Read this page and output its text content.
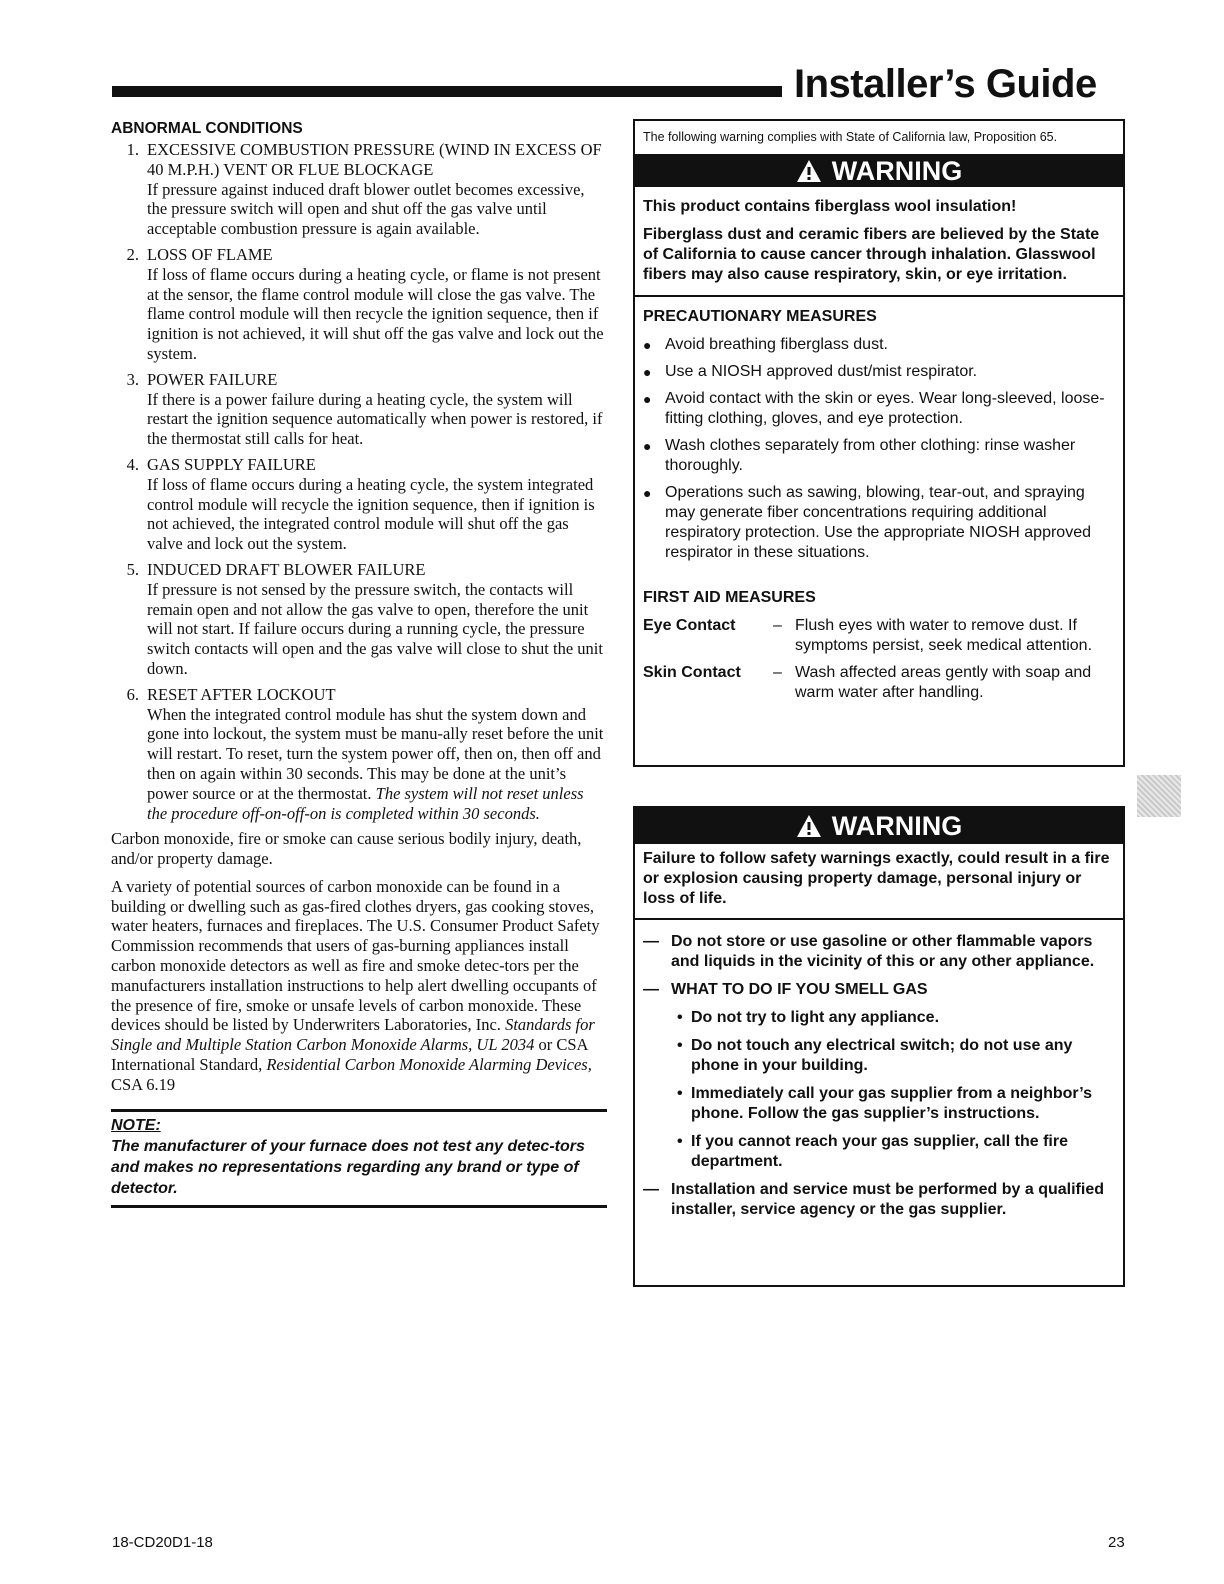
Installer’s Guide
ABNORMAL CONDITIONS
1. EXCESSIVE COMBUSTION PRESSURE (WIND IN EXCESS OF 40 M.P.H.) VENT OR FLUE BLOCKAGE
If pressure against induced draft blower outlet becomes excessive, the pressure switch will open and shut off the gas valve until acceptable combustion pressure is again available.
2. LOSS OF FLAME
If loss of flame occurs during a heating cycle, or flame is not present at the sensor, the flame control module will close the gas valve. The flame control module will then recycle the ignition sequence, then if ignition is not achieved, it will shut off the gas valve and lock out the system.
3. POWER FAILURE
If there is a power failure during a heating cycle, the system will restart the ignition sequence automatically when power is restored, if the thermostat still calls for heat.
4. GAS SUPPLY FAILURE
If loss of flame occurs during a heating cycle, the system integrated control module will recycle the ignition sequence, then if ignition is not achieved, the integrated control module will shut off the gas valve and lock out the system.
5. INDUCED DRAFT BLOWER FAILURE
If pressure is not sensed by the pressure switch, the contacts will remain open and not allow the gas valve to open, therefore the unit will not start. If failure occurs during a running cycle, the pressure switch contacts will open and the gas valve will close to shut the unit down.
6. RESET AFTER LOCKOUT
When the integrated control module has shut the system down and gone into lockout, the system must be manu-ally reset before the unit will restart. To reset, turn the system power off, then on, then off and then on again within 30 seconds. This may be done at the unit’s power source or at the thermostat. The system will not reset unless the procedure off-on-off-on is completed within 30 seconds.
Carbon monoxide, fire or smoke can cause serious bodily injury, death, and/or property damage.
A variety of potential sources of carbon monoxide can be found in a building or dwelling such as gas-fired clothes dryers, gas cooking stoves, water heaters, furnaces and fireplaces. The U.S. Consumer Product Safety Commission recommends that users of gas-burning appliances install carbon monoxide detectors as well as fire and smoke detec-tors per the manufacturers installation instructions to help alert dwelling occupants of the presence of fire, smoke or unsafe levels of carbon monoxide. These devices should be listed by Underwriters Laboratories, Inc. Standards for Single and Multiple Station Carbon Monoxide Alarms, UL 2034 or CSA International Standard, Residential Carbon Monoxide Alarming Devices, CSA 6.19
NOTE:
The manufacturer of your furnace does not test any detec-tors and makes no representations regarding any brand or type of detector.
The following warning complies with State of California law, Proposition 65.
WARNING

This product contains fiberglass wool insulation!

Fiberglass dust and ceramic fibers are believed by the State of California to cause cancer through inhalation. Glasswool fibers may also cause respiratory, skin, or eye irritation.

PRECAUTIONARY MEASURES
● Avoid breathing fiberglass dust.
● Use a NIOSH approved dust/mist respirator.
● Avoid contact with the skin or eyes. Wear long-sleeved, loose-fitting clothing, gloves, and eye protection.
● Wash clothes separately from other clothing: rinse washer thoroughly.
● Operations such as sawing, blowing, tear-out, and spraying may generate fiber concentrations requiring additional respiratory protection. Use the appropriate NIOSH approved respirator in these situations.
FIRST AID MEASURES
Eye Contact	– Flush eyes with water to remove dust. If symptoms persist, seek medical attention.
Skin Contact	– Wash affected areas gently with soap and warm water after handling.
WARNING

Failure to follow safety warnings exactly, could result in a fire or explosion causing property damage, personal injury or loss of life.

— Do not store or use gasoline or other flammable vapors and liquids in the vicinity of this or any other appliance.
— WHAT TO DO IF YOU SMELL GAS
• Do not try to light any appliance.
• Do not touch any electrical switch; do not use any phone in your building.
• Immediately call your gas supplier from a neighbor’s phone. Follow the gas supplier’s instructions.
• If you cannot reach your gas supplier, call the fire department.
— Installation and service must be performed by a qualified installer, service agency or the gas supplier.
18-CD20D1-18	23
